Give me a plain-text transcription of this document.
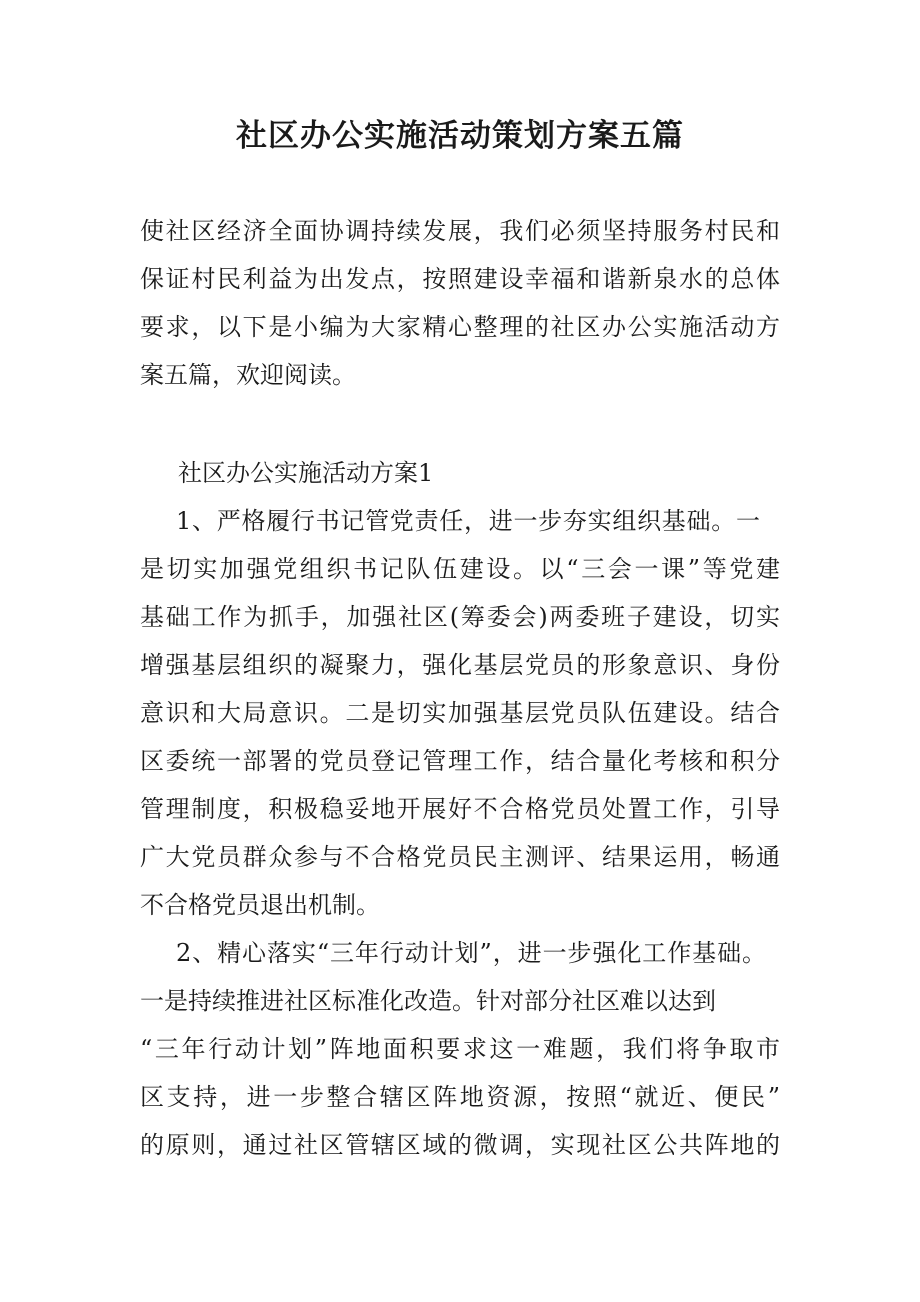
社区办公实施活动策划方案五篇

使社区经济全面协调持续发展，我们必须坚持服务村民和

保证村民利益为出发点，按照建设幸福和谐新泉水的总体

要求，以下是小编为大家精心整理的社区办公实施活动方

案五篇，欢迎阅读。

社区办公实施活动方案1

1、严格履行书记管党责任，进一步夯实组织基础。一

是切实加强党组织书记队伍建设。以“三会一课”等党建

基础工作为抓手，加强社区(筹委会)两委班子建设，切实

增强基层组织的凝聚力，强化基层党员的形象意识、身份

意识和大局意识。二是切实加强基层党员队伍建设。结合

区委统一部署的党员登记管理工作，结合量化考核和积分

管理制度，积极稳妥地开展好不合格党员处置工作，引导

广大党员群众参与不合格党员民主测评、结果运用，畅通

不合格党员退出机制。

2、精心落实“三年行动计划”，进一步强化工作基础。

一是持续推进社区标准化改造。针对部分社区难以达到

“三年行动计划”阵地面积要求这一难题，我们将争取市

区支持，进一步整合辖区阵地资源，按照“就近、便民”

的原则，通过社区管辖区域的微调，实现社区公共阵地的
